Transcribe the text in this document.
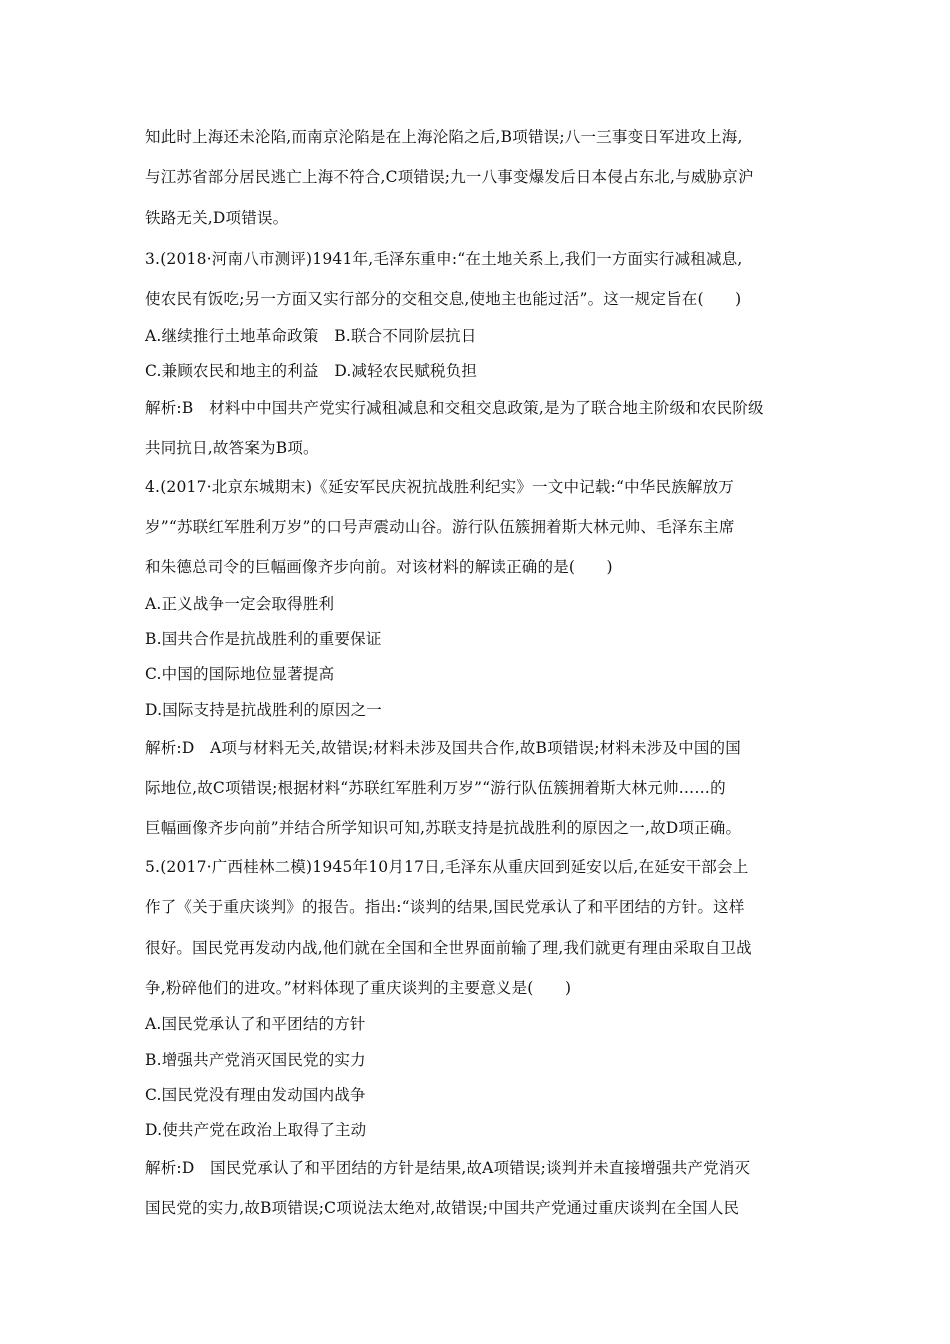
知此时上海还未沦陷,而南京沦陷是在上海沦陷之后,B项错误;八一三事变日军进攻上海,
与江苏省部分居民逃亡上海不符合,C项错误;九一八事变爆发后日本侵占东北,与威胁京沪
铁路无关,D项错误。
3.(2018·河南八市测评)1941年,毛泽东重申:“在土地关系上,我们一方面实行减租减息,
使农民有饭吃;另一方面又实行部分的交租交息,使地主也能过活”。这一规定旨在(　　)
A.继续推行土地革命政策　B.联合不同阶层抗日
C.兼顾农民和地主的利益　D.减轻农民赋税负担
解析:B　材料中中国共产党实行减租减息和交租交息政策,是为了联合地主阶级和农民阶级
共同抗日,故答案为B项。
4.(2017·北京东城期末)《延安军民庆祝抗战胜利纪实》一文中记载:“中华民族解放万
岁”“苏联红军胜利万岁”的口号声震动山谷。游行队伍簇拥着斯大林元帅、毛泽东主席
和朱德总司令的巨幅画像齐步向前。对该材料的解读正确的是(　　)
A.正义战争一定会取得胜利
B.国共合作是抗战胜利的重要保证
C.中国的国际地位显著提高
D.国际支持是抗战胜利的原因之一
解析:D　A项与材料无关,故错误;材料未涉及国共合作,故B项错误;材料未涉及中国的国
际地位,故C项错误;根据材料“苏联红军胜利万岁”“游行队伍簇拥着斯大林元帅……的
巨幅画像齐步向前”并结合所学知识可知,苏联支持是抗战胜利的原因之一,故D项正确。
5.(2017·广西桂林二模)1945年10月17日,毛泽东从重庆回到延安以后,在延安干部会上
作了《关于重庆谈判》的报告。指出:“谈判的结果,国民党承认了和平团结的方针。这样
很好。国民党再发动内战,他们就在全国和全世界面前输了理,我们就更有理由采取自卫战
争,粉碎他们的进攻。”材料体现了重庆谈判的主要意义是(　　)
A.国民党承认了和平团结的方针
B.增强共产党消灭国民党的实力
C.国民党没有理由发动国内战争
D.使共产党在政治上取得了主动
解析:D　国民党承认了和平团结的方针是结果,故A项错误;谈判并未直接增强共产党消灭
国民党的实力,故B项错误;C项说法太绝对,故错误;中国共产党通过重庆谈判在全国人民
